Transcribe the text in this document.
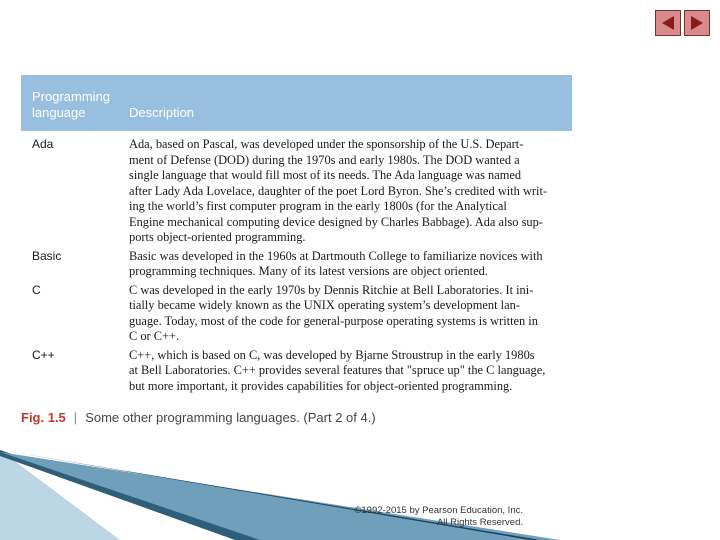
Programming language	Description
Ada	Ada, based on Pascal, was developed under the sponsorship of the U.S. Depart-
ment of Defense (DOD) during the 1970s and early 1980s. The DOD wanted a
single language that would fill most of its needs. The Ada language was named
after Lady Ada Lovelace, daughter of the poet Lord Byron. She’s credited with writ-
ing the world’s first computer program in the early 1800s (for the Analytical
Engine mechanical computing device designed by Charles Babbage). Ada also sup-
ports object-oriented programming.
Basic	Basic was developed in the 1960s at Dartmouth College to familiarize novices with
programming techniques. Many of its latest versions are object oriented.
C	C was developed in the early 1970s by Dennis Ritchie at Bell Laboratories. It ini-
tially became widely known as the UNIX operating system’s development lan-
guage. Today, most of the code for general-purpose operating systems is written in
C or C++.
C++	C++, which is based on C, was developed by Bjarne Stroustrup in the early 1980s
at Bell Laboratories. C++ provides several features that "spruce up" the C language,
but more important, it provides capabilities for object-oriented programming.
Fig. 1.5 | Some other programming languages. (Part 2 of 4.)
©1992-2015 by Pearson Education, Inc.
All Rights Reserved.
